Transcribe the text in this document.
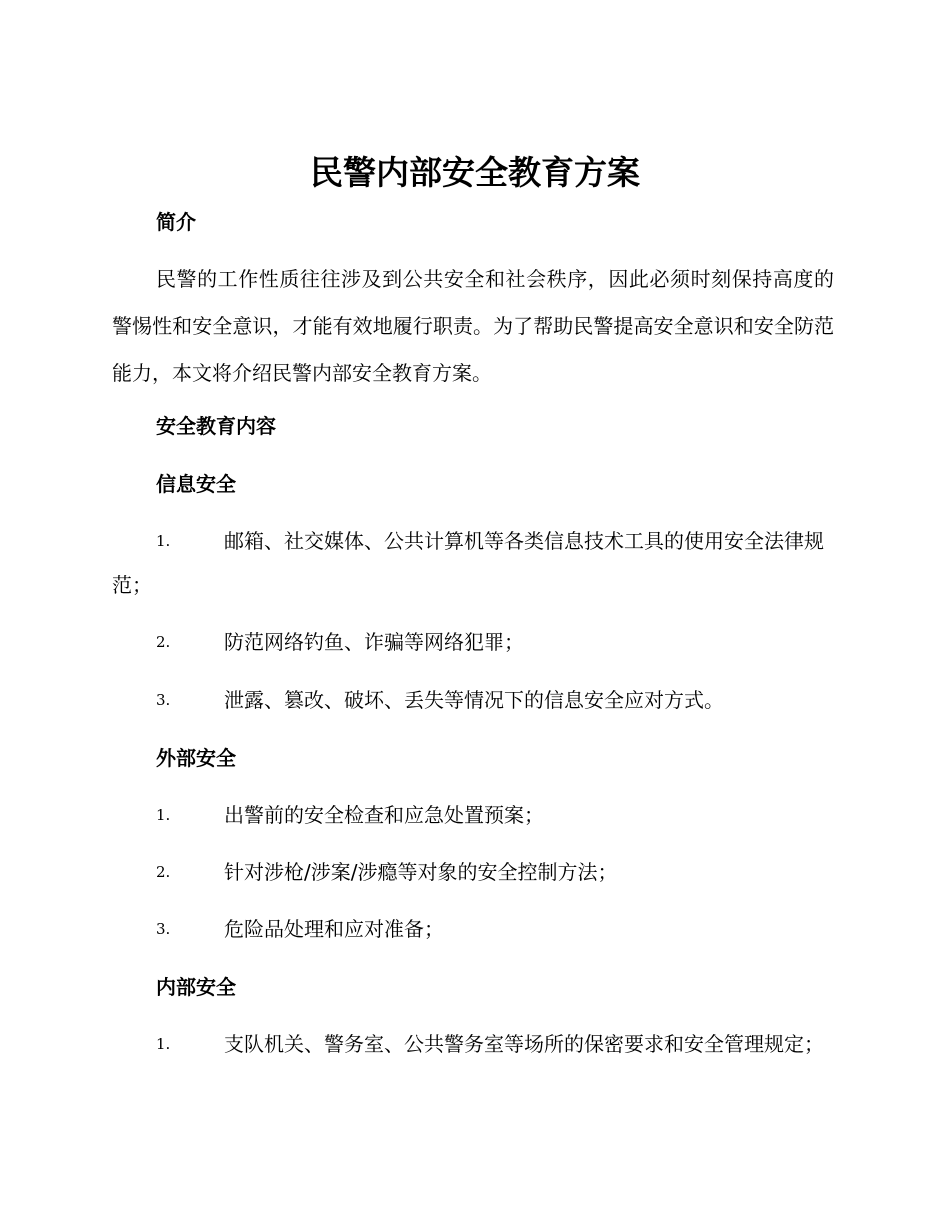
民警内部安全教育方案
简介

民警的工作性质往往涉及到公共安全和社会秩序，因此必须时刻保持高度的警惕性和安全意识，才能有效地履行职责。为了帮助民警提高安全意识和安全防范能力，本文将介绍民警内部安全教育方案。

安全教育内容
信息安全
1.	邮箱、社交媒体、公共计算机等各类信息技术工具的使用安全法律规范；
2.	防范网络钓鱼、诈骗等网络犯罪；
3.	泄露、篡改、破坏、丢失等情况下的信息安全应对方式。
外部安全
1.	出警前的安全检查和应急处置预案；
2.	针对涉枪/涉案/涉瘾等对象的安全控制方法；
3.	危险品处理和应对准备；
内部安全
1.	支队机关、警务室、公共警务室等场所的保密要求和安全管理规定；
